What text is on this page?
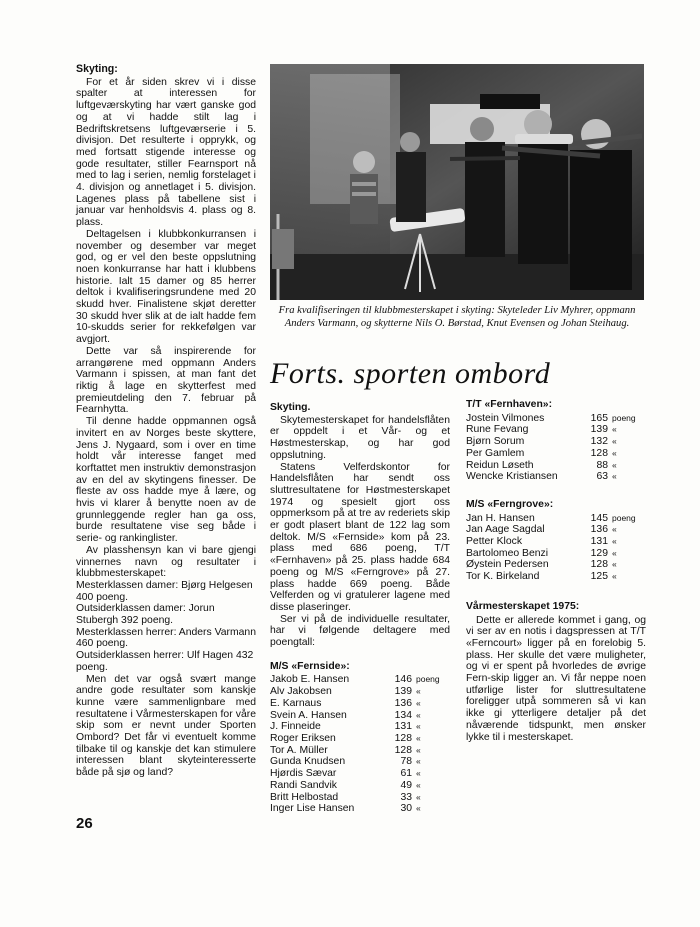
Skyting:

For et år siden skrev vi i disse spalter at interessen for luftgeværskyting har vært ganske god og at vi hadde stilt lag i Bedriftskretsens luftgeværserie i 5. divisjon. Det resulterte i opprykk, og med fortsatt stigende interesse og gode resultater, stiller Fearnsport nå med to lag i serien, nemlig forstelaget i 4. divisjon og annetlaget i 5. divisjon. Lagenes plass på tabellene sist i januar var henholdsvis 4. plass og 8. plass.

Deltagelsen i klubbkonkurransen i november og desember var meget god, og er vel den beste oppslutning noen konkurranse har hatt i klubbens historie. Ialt 15 damer og 85 herrer deltok i kvalifiseringsrundene med 20 skudd hver. Finalistene skjøt deretter 30 skudd hver slik at de ialt hadde fem 10-skudds serier for rekkefølgen var avgjort.

Dette var så inspirerende for arrangørene med oppmann Anders Varmann i spissen, at man fant det riktig å lage en skytterfest med premieutdeling den 7. februar på Fearnhytta.

Til denne hadde oppmannen også invitert en av Norges beste skyttere, Jens J. Nygaard, som i over en time holdt vår interesse fanget med korftattet men instruktiv demonstrasjon av en del av skytingens finesser. De fleste av oss hadde mye å lære, og hvis vi klarer å benytte noen av de grunnleggende regler han ga oss, burde resultatene vise seg både i serie- og rankinglister.

Av plasshensyn kan vi bare gjengi vinnernes navn og resultater i klubbmesterskapet:

Mesterklassen damer: Bjørg Helgesen 400 poeng.
Outsiderklassen damer: Jorun Stubergh 392 poeng.
Mesterklassen herrer: Anders Varmann 460 poeng.
Outsiderklassen herrer: Ulf Hagen 432 poeng.

Men det var også svært mange andre gode resultater som kanskje kunne være sammenlignbare med resultatene i Vårmesterskapen for våre skip som er nevnt under Sporten Ombord? Det får vi eventuelt komme tilbake til og kanskje det kan stimulere interessen blant skyteinteresserte både på sjø og land?

Fra kvalifiseringen til klubbmesterskapet i skyting: Skyteleder Liv Myhrer, oppmann Anders Varmann, og skytterne Nils O. Børstad, Knut Evensen og Johan Steihaug.
Forts. sporten ombord
Skyting.

Skytemesterskapet for handelsflåten er oppdelt i et Vår- og et Høstmesterskap, og har god oppslutning.

Statens Velferdskontor for Handelsflåten har sendt oss sluttresultatene for Høstmesterskapet 1974 og spesielt gjort oss oppmerksom på at tre av rederiets skip er godt plasert blant de 122 lag som deltok. M/S «Fernside» kom på 23. plass med 686 poeng, T/T «Fernhaven» på 25. plass hadde 684 poeng og M/S «Ferngrove» på 27. plass hadde 669 poeng. Både Velferden og vi gratulerer lagene med disse plaseringer.

Ser vi på de individuelle resultater, har vi følgende deltagere med poengtall:

M/S «Fernside»:
Jakob E. Hansen	146	poeng
Alv Jakobsen	139	«
E. Karnaus	136	«
Svein A. Hansen	134	«
J. Finneide	131	«
Roger Eriksen	128	«
Tor A. Müller	128	«
Gunda Knudsen	78	«
Hjørdis Sævar	61	«
Randi Sandvik	49	«
Britt Helbostad	33	«
Inger Lise Hansen	30	«
T/T «Fernhaven»:
Jostein Vilmones	165	poeng
Rune Fevang	139	«
Bjørn Sorum	132	«
Per Gamlem	128	«
Reidun Løseth	88	«
Wencke Kristiansen	63	«
M/S «Ferngrove»:
Jan H. Hansen	145	poeng
Jan Aage Sagdal	136	«
Petter Klock	131	«
Bartolomeo Benzi	129	«
Øystein Pedersen	128	«
Tor K. Birkeland	125	«
Vårmesterskapet 1975:

Dette er allerede kommet i gang, og vi ser av en notis i dagspressen at T/T «Ferncourt» ligger på en forelobig 5. plass. Her skulle det være muligheter, og vi er spent på hvorledes de øvrige Fern-skip ligger an. Vi får neppe noen utførlige lister for sluttresultatene foreligger utpå sommeren så vi kan ikke gi ytterligere detaljer på det nåværende tidspunkt, men ønsker lykke til i mesterskapet.

26
